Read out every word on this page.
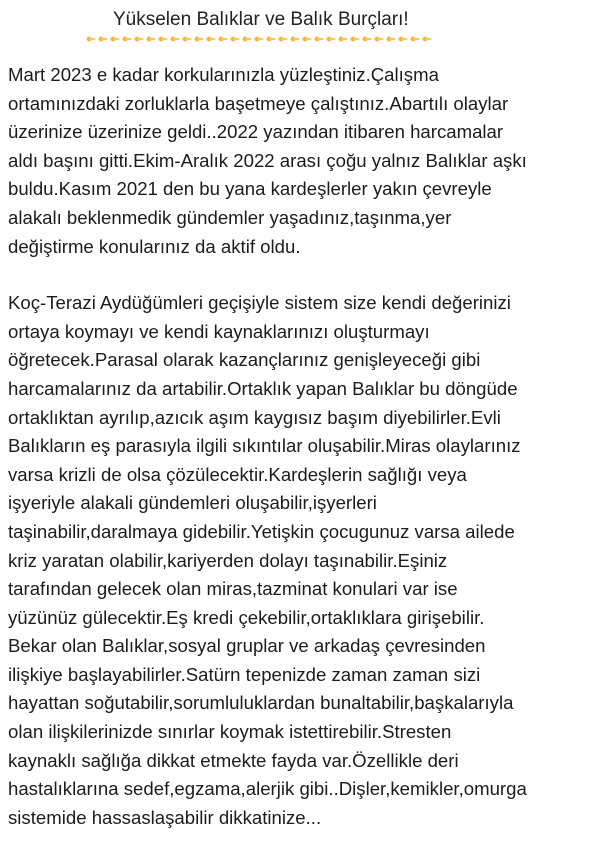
Yükselen Balıklar ve Balık Burçları!

Mart 2023 e kadar korkularınızla yüzleştiniz.Çalışma
ortamınızdaki zorluklarla başetmeye çalıştınız.Abartılı olaylar
üzerinize üzerinize geldi..2022 yazından itibaren harcamalar
aldı başını gitti.Ekim-Aralık 2022 arası çoğu yalnız Balıklar aşkı
buldu.Kasım 2021 den bu yana kardeşlerler yakın çevreyle
alakalı beklenmedik gündemler yaşadınız,taşınma,yer
değiştirme konularınız da aktif oldu.

Koç-Terazi Aydüğümleri geçişiyle sistem size kendi değerinizi
ortaya koymayı ve kendi kaynaklarınızı oluşturmayı
öğretecek.Parasal olarak kazançlarınız genişleyeceği gibi
harcamalarınız da artabilir.Ortaklık yapan Balıklar bu döngüde
ortaklıktan ayrılıp,azıcık aşım kaygısız başım diyebilirler.Evli
Balıkların eş parasıyla ilgili sıkıntılar oluşabilir.Miras olaylarınız
varsa krizli de olsa çözülecektir.Kardeşlerin sağlığı veya
işyeriyle alakali gündemleri oluşabilir,işyerleri
taşinabilir,daralmaya gidebilir.Yetişkin çocugunuz varsa ailede
kriz yaratan olabilir,kariyerden dolayı taşınabilir.Eşiniz
tarafından gelecek olan miras,tazminat konulari var ise
yüzünüz gülecektir.Eş kredi çekebilir,ortaklıklara girişebilir.
Bekar olan Balıklar,sosyal gruplar ve arkadaş çevresinden
ilişkiye başlayabilirler.Satürn tepenizde zaman zaman sizi
hayattan soğutabilir,sorumluluklardan bunaltabilir,başkalarıyla
olan ilişkilerinizde sınırlar koymak istettirebilir.Stresten
kaynaklı sağlığa dikkat etmekte fayda var.Özellikle deri
hastalıklarına sedef,egzama,alerjik gibi..Dişler,kemikler,omurga
sistemide hassaslaşabilir dikkatinize...
